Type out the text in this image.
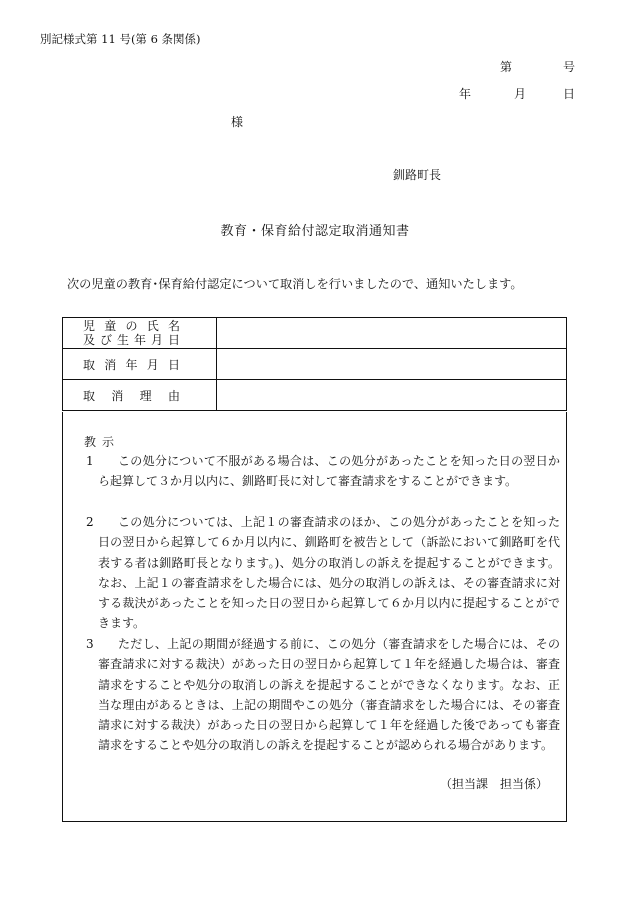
別記様式第 11 号(第 6 条関係)
第	号
年	月	日
様
釧路町長
教育・保育給付認定取消通知書
次の児童の教育･保育給付認定について取消しを行いましたので、通知いたします。
児童の氏名
及び生年月日	

取消年月日	

取消理由	

教示
1	この処分について不服がある場合は、この処分があったことを知った日の翌日から起算して３か月以内に、釧路町長に対して審査請求をすることができます。
2	この処分については、上記１の審査請求のほか、この処分があったことを知った日の翌日から起算して６か月以内に、釧路町を被告として（訴訟において釧路町を代表する者は釧路町長となります。)、処分の取消しの訴えを提起することができます。なお、上記１の審査請求をした場合には、処分の取消しの訴えは、その審査請求に対する裁決があったことを知った日の翌日から起算して６か月以内に提起することができます。
3	ただし、上記の期間が経過する前に、この処分（審査請求をした場合には、その審査請求に対する裁決）があった日の翌日から起算して１年を経過した場合は、審査請求をすることや処分の取消しの訴えを提起することができなくなります。なお、正当な理由があるときは、上記の期間やこの処分（審査請求をした場合には、その審査請求に対する裁決）があった日の翌日から起算して１年を経過した後であっても審査請求をすることや処分の取消しの訴えを提起することが認められる場合があります。
（担当課　担当係）
